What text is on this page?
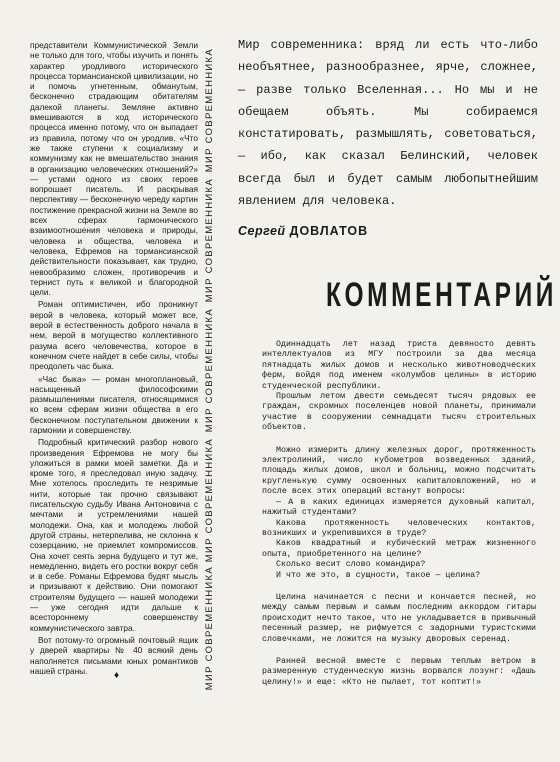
представители Коммунистической Земли не только для того, чтобы изучить и понять характер уродливого исторического процесса тормансианской цивилизации, но и помочь угнетенным, обманутым, бесконечно страдающим обитателям далекой планеты. Землянe активно вмешиваются в ход исторического процесса именно потому, что он выпадает из правила, потому что он уродлив. «Что же также ступени к социализму и коммунизму как не вмешательство знания в организацию человеческих отношений?» — устами одного из своих героев вопрошает писатель. И раскрывая перспективу — бесконечную череду картин постижение прекрасной жизни на Земле во всех сферах гармонического взаимоотношения человека и природы, человека и общества, человека и человека, Ефремов на тормансианской действительности показывает, как трудно, невообразимо сложен, противоречив и тернист путь к великой и благородной цели.

Роман оптимистичен, ибо проникнут верой в человека, который может все, верой в естественность доброго начала в нем, верой в могущество коллективного разума всего человечества, которое в конечном счете найдет в себе силы, чтобы преодолеть час быка.

«Час быка» — роман многоплановый, насыщенный философскими размышлениями писателя, относящимися ко всем сферам жизни общества в его бесконечном поступательном движении к гармонии и совершенству.

Подробный критический разбор нового произведения Ефремова не могу бы уложиться в рамки моей заметки. Да и кроме того, я преследовал иную задачу. Мне хотелось проследить те незримые нити, которые так прочно связывают писательскую судьбу Ивана Антоновича с мечтами и устремлениями нашей молодежи. Она, как и молодежь любой другой страны, нетерпелива, не склонна к созерцанию, не приемлет компромиссов. Она хочет сеять зерна будущего и тут же, немедленно, видеть его ростки вокруг себя и в себе. Романы Ефремова будят мысль и призывают к действию. Они помогают строителям будущего — нашей молодежи — уже сегодня идти дальше к всестороннему совершенству коммунистического завтра.

Вот потому-то огромный почтовый ящик у дверей квартиры № 40 всякий день наполняется письмами юных романтиков нашей страны.	♦
МИР СОВРЕМЕННИКА
МИР СОВРЕМЕННИКА
МИР СОВРЕМЕННИКА
МИР СОВРЕМЕННИКА
МИР СОВРЕМЕННИКА

Мир современника: вряд ли есть что-либо необъятнее, разнообразнее, ярче, сложнее, — разве только Вселенная... Но мы и не обещаем объять. Мы собираемся констатировать, размышлять, советоваться, — ибо, как сказал Белинский, человек всегда был и будет самым любопытнейшим явлением для человека.

Сергей ДОВЛАТОВ
КОММЕНТАРИЙ

Одиннадцать лет назад триста девяносто девять интеллектуалов из МГУ построили за два месяца пятнадцать жилых домов и несколько животноводческих ферм, войдя под именем «колумбов целины» в историю студенческой республики.

Прошлым летом двести семьдесят тысяч рядовых ее граждан, скромных поселенцев новой планеты, принимали участие в сооружении семнадцати тысяч строительных объектов.

Можно измерить длину железных дорог, протяженность электролиний, число кубометров возведенных зданий, площадь жилых домов, школ и больниц, можно подсчитать кругленькую сумму освоенных капиталовложений, но и после всех этих операций встанут вопросы:

— А в каких единицах измеряется духовный капитал, нажитый студентами?

Какова протяженность человеческих контактов, возникших и укрепившихся в труде?

Каков квадратный и кубический метраж жизненного опыта, приобретенного на целине?

Сколько весит слово командира?

И что же это, в сущности, такое — целина?

Целина начинается с песни и кончается песней, но между самым первым и самым последним аккордом гитары происходит нечто такое, что не укладывается в привычный песенный размер, не рифмуется с задорными туристскими словечками, не ложится на музыку дворовых серенад.

Ранней весной вместе с первым теплым ветром в размеренную студенческую жизнь ворвался лозунг: «Дашь целину!» и еще: «Кто не пылает, тот коптит!»
